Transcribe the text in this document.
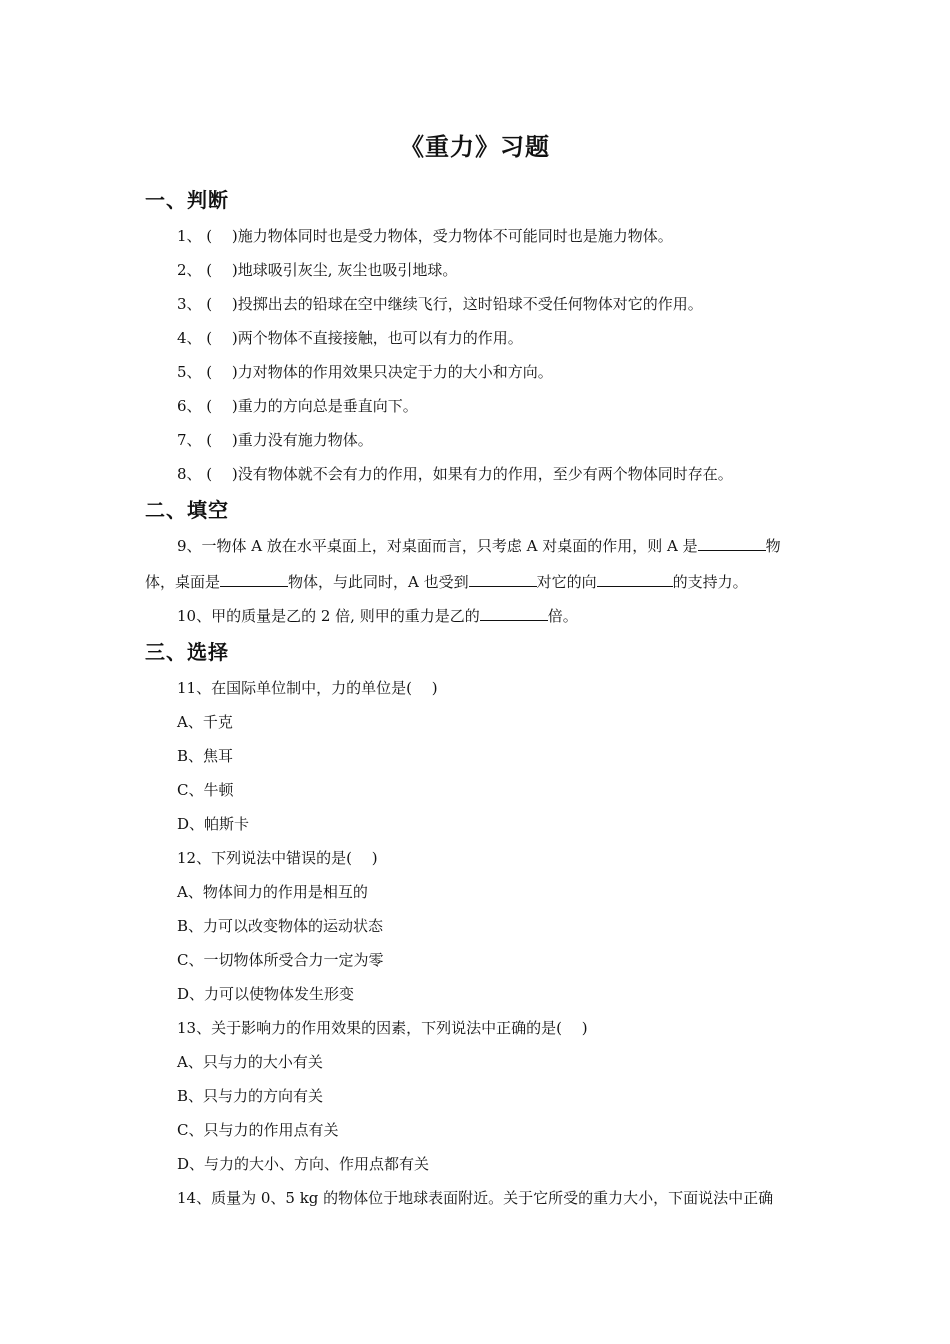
《重力》习题
一、判断
1、 (　 )施力物体同时也是受力物体，受力物体不可能同时也是施力物体。
2、 (　 )地球吸引灰尘, 灰尘也吸引地球。
3、 (　 )投掷出去的铅球在空中继续飞行，这时铅球不受任何物体对它的作用。
4、 (　 )两个物体不直接接触，也可以有力的作用。
5、 (　 )力对物体的作用效果只决定于力的大小和方向。
6、 (　 )重力的方向总是垂直向下。
7、 (　 )重力没有施力物体。
8、 (　 )没有物体就不会有力的作用，如果有力的作用，至少有两个物体同时存在。
二、填空
9、一物体 A 放在水平桌面上，对桌面而言，只考虑 A 对桌面的作用，则 A 是	物
体，桌面是	物体，与此同时，A 也受到	对它的向	的支持力。
10、甲的质量是乙的 2 倍, 则甲的重力是乙的	倍。
三、选择
11、在国际单位制中，力的单位是(　 )
A、千克
B、焦耳
C、牛顿
D、帕斯卡
12、下列说法中错误的是(　 )
A、物体间力的作用是相互的
B、力可以改变物体的运动状态
C、一切物体所受合力一定为零
D、力可以使物体发生形变
13、关于影响力的作用效果的因素，下列说法中正确的是(　 )
A、只与力的大小有关
B、只与力的方向有关
C、只与力的作用点有关
D、与力的大小、方向、作用点都有关
14、质量为 0、5 kg 的物体位于地球表面附近。关于它所受的重力大小，下面说法中正确
